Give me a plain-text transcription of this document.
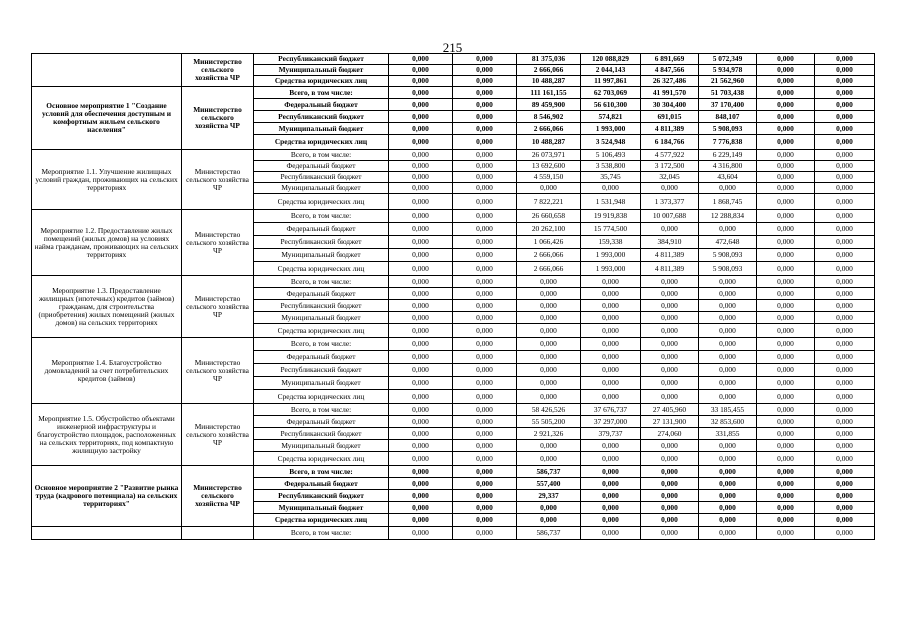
215
	Министерство сельского хозяйства ЧР	Республиканский бюджет	0,000	0,000	81 375,036	120 088,829	6 891,669	5 072,349	0,000	0,000
		Муниципальный бюджет	0,000	0,000	2 666,066	2 044,143	4 847,566	5 934,978	0,000	0,000
		Средства юридических лиц	0,000	0,000	10 488,287	11 997,861	26 327,486	21 562,960	0,000	0,000
Основное мероприятие 1 "Создание условий для обеспечения доступным и комфортным жильем сельского населения"	Министерство сельского хозяйства ЧР	Всего, в том числе:	0,000	0,000	111 161,155	62 703,069	41 991,570	51 703,438	0,000	0,000
		Федеральный бюджет	0,000	0,000	89 459,900	56 610,300	30 304,400	37 170,400	0,000	0,000
		Республиканский бюджет	0,000	0,000	8 546,902	574,821	691,015	848,107	0,000	0,000
		Муниципальный бюджет	0,000	0,000	2 666,066	1 993,000	4 811,389	5 908,093	0,000	0,000
		Средства юридических лиц	0,000	0,000	10 488,287	3 524,948	6 184,766	7 776,838	0,000	0,000
Мероприятие 1.1. Улучшение жилищных условий граждан, проживающих на сельских территориях	Министерство сельского хозяйства ЧР	Всего, в том числе:	0,000	0,000	26 073,971	5 106,493	4 577,922	6 229,149	0,000	0,000
		Федеральный бюджет	0,000	0,000	13 692,600	3 538,800	3 172,500	4 316,800	0,000	0,000
		Республиканский бюджет	0,000	0,000	4 559,150	35,745	32,045	43,604	0,000	0,000
		Муниципальный бюджет	0,000	0,000	0,000	0,000	0,000	0,000	0,000	0,000
		Средства юридических лиц	0,000	0,000	7 822,221	1 531,948	1 373,377	1 868,745	0,000	0,000
Мероприятие 1.2. Предоставление жилых помещений (жилых домов) на условиях найма гражданам, проживающих на сельских территориях	Министерство сельского хозяйства ЧР	Всего, в том числе:	0,000	0,000	26 660,658	19 919,838	10 007,688	12 288,834	0,000	0,000
		Федеральный бюджет	0,000	0,000	20 262,100	15 774,500	0,000	0,000	0,000	0,000
		Республиканский бюджет	0,000	0,000	1 066,426	159,338	384,910	472,648	0,000	0,000
		Муниципальный бюджет	0,000	0,000	2 666,066	1 993,000	4 811,389	5 908,093	0,000	0,000
		Средства юридических лиц	0,000	0,000	2 666,066	1 993,000	4 811,389	5 908,093	0,000	0,000
Мероприятие 1.3. Предоставление жилищных (ипотечных) кредитов (займов) гражданам, для строительства (приобретения) жилых помещений (жилых домов) на сельских территориях	Министерство сельского хозяйства ЧР	Всего, в том числе:	0,000	0,000	0,000	0,000	0,000	0,000	0,000	0,000
		Федеральный бюджет	0,000	0,000	0,000	0,000	0,000	0,000	0,000	0,000
		Республиканский бюджет	0,000	0,000	0,000	0,000	0,000	0,000	0,000	0,000
		Муниципальный бюджет	0,000	0,000	0,000	0,000	0,000	0,000	0,000	0,000
		Средства юридических лиц	0,000	0,000	0,000	0,000	0,000	0,000	0,000	0,000
Мероприятие 1.4. Благоустройство домовладений за счет потребительских кредитов (займов)	Министерство сельского хозяйства ЧР	Всего, в том числе:	0,000	0,000	0,000	0,000	0,000	0,000	0,000	0,000
		Федеральный бюджет	0,000	0,000	0,000	0,000	0,000	0,000	0,000	0,000
		Республиканский бюджет	0,000	0,000	0,000	0,000	0,000	0,000	0,000	0,000
		Муниципальный бюджет	0,000	0,000	0,000	0,000	0,000	0,000	0,000	0,000
		Средства юридических лиц	0,000	0,000	0,000	0,000	0,000	0,000	0,000	0,000
Мероприятие 1.5. Обустройство объектами инженерной инфраструктуры и благоустройство площадок, расположенных на сельских территориях, под компактную жилищную застройку	Министерство сельского хозяйства ЧР	Всего, в том числе:	0,000	0,000	58 426,526	37 676,737	27 405,960	33 185,455	0,000	0,000
		Федеральный бюджет	0,000	0,000	55 505,200	37 297,000	27 131,900	32 853,600	0,000	0,000
		Республиканский бюджет	0,000	0,000	2 921,326	379,737	274,060	331,855	0,000	0,000
		Муниципальный бюджет	0,000	0,000	0,000	0,000	0,000	0,000	0,000	0,000
		Средства юридических лиц	0,000	0,000	0,000	0,000	0,000	0,000	0,000	0,000
Основное мероприятие 2 "Развитие рынка труда (кадрового потенциала) на сельских территориях"	Министерство сельского хозяйства ЧР	Всего, в том числе:	0,000	0,000	586,737	0,000	0,000	0,000	0,000	0,000
		Федеральный бюджет	0,000	0,000	557,400	0,000	0,000	0,000	0,000	0,000
		Республиканский бюджет	0,000	0,000	29,337	0,000	0,000	0,000	0,000	0,000
		Муниципальный бюджет	0,000	0,000	0,000	0,000	0,000	0,000	0,000	0,000
		Средства юридических лиц	0,000	0,000	0,000	0,000	0,000	0,000	0,000	0,000
		Всего, в том числе:	0,000	0,000	586,737	0,000	0,000	0,000	0,000	0,000
